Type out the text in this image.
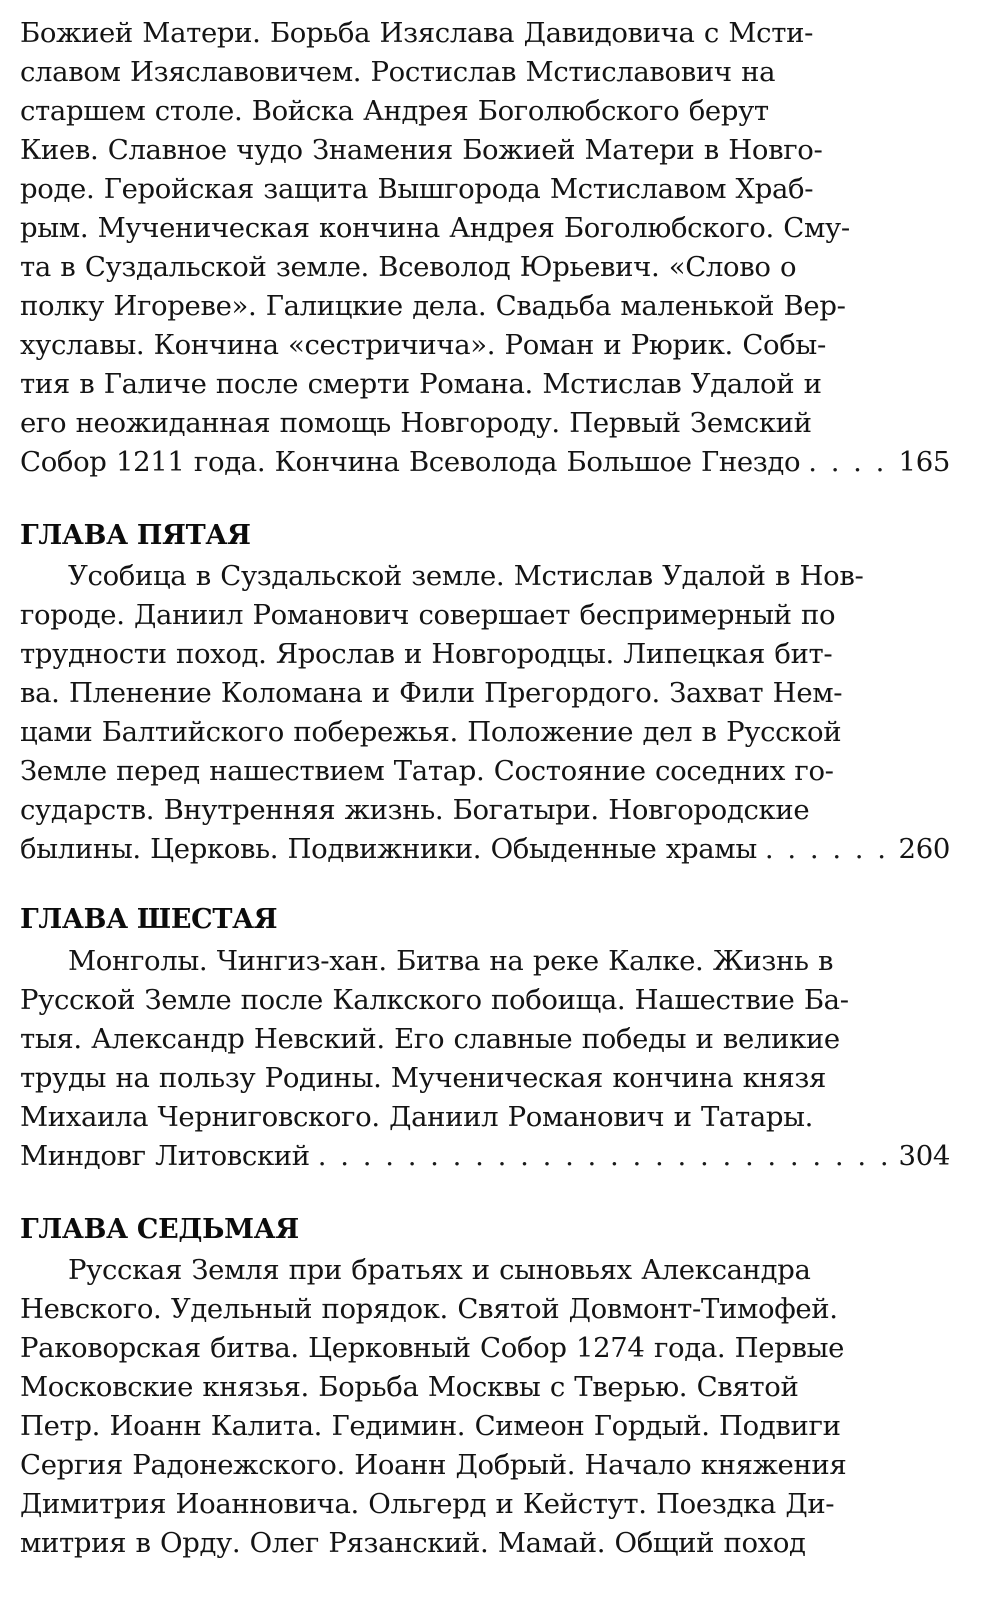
Божией Матери. Борьба Изяслава Давидовича с Мсти-
славом Изяславовичем. Ростислав Мстиславович на
старшем столе. Войска Андрея Боголюбского берут
Киев. Славное чудо Знамения Божией Матери в Новго-
роде. Геройская защита Вышгорода Мстиславом Храб-
рым. Мученическая кончина Андрея Боголюбского. Сму-
та в Суздальской земле. Всеволод Юрьевич. «Слово о
полку Игореве». Галицкие дела. Свадьба маленькой Вер-
хуславы. Кончина «сестричича». Роман и Рюрик. Собы-
тия в Галиче после смерти Романа. Мстислав Удалой и
его неожиданная помощь Новгороду. Первый Земский
Собор 1211 года. Кончина Всеволода Большое Гнездо . . .	165
ГЛАВА ПЯТАЯ
Усобица в Суздальской земле. Мстислав Удалой в Нов-
городе. Даниил Романович совершает беспримерный по
трудности поход. Ярослав и Новгородцы. Липецкая бит-
ва. Пленение Коломана и Фили Прегордого. Захват Нем-
цами Балтийского побережья. Положение дел в Русской
Земле перед нашествием Татар. Состояние соседних го-
сударств. Внутренняя жизнь. Богатыри. Новгородские
былины. Церковь. Подвижники. Обыденные храмы . . .	260
ГЛАВА ШЕСТАЯ
Монголы. Чингиз-хан. Битва на реке Калке. Жизнь в
Русской Земле после Калкского побоища. Нашествие Ба-
тыя. Александр Невский. Его славные победы и великие
труды на пользу Родины. Мученическая кончина князя
Михаила Черниговского. Даниил Романович и Татары.
Миндовг Литовский . . .	304
ГЛАВА СЕДЬМАЯ
Русская Земля при братьях и сыновьях Александра
Невского. Удельный порядок. Святой Довмонт-Тимофей.
Раковорская битва. Церковный Собор 1274 года. Первые
Московские князья. Борьба Москвы с Тверью. Святой
Петр. Иоанн Калита. Гедимин. Симеон Гордый. Подвиги
Сергия Радонежского. Иоанн Добрый. Начало княжения
Димитрия Иоанновича. Ольгерд и Кейстут. Поездка Ди-
митрия в Орду. Олег Рязанский. Мамай. Общий поход
